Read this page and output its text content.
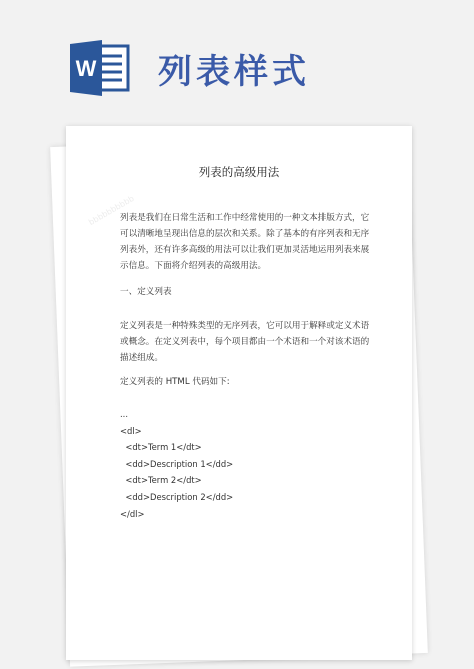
W 列表样式
bbbbbbbbbb
列表的高级用法

列表是我们在日常生活和工作中经常使用的一种文本排版方式，它可以清晰地呈现出信息的层次和关系。除了基本的有序列表和无序列表外，还有许多高级的用法可以让我们更加灵活地运用列表来展示信息。下面将介绍列表的高级用法。

一、定义列表

定义列表是一种特殊类型的无序列表，它可以用于解释或定义术语或概念。在定义列表中，每个项目都由一个术语和一个对该术语的描述组成。

定义列表的 HTML 代码如下:

...
<dl>
<dt>Term 1</dt>
<dd>Description 1</dd>
<dt>Term 2</dt>
<dd>Description 2</dd>
</dl>
